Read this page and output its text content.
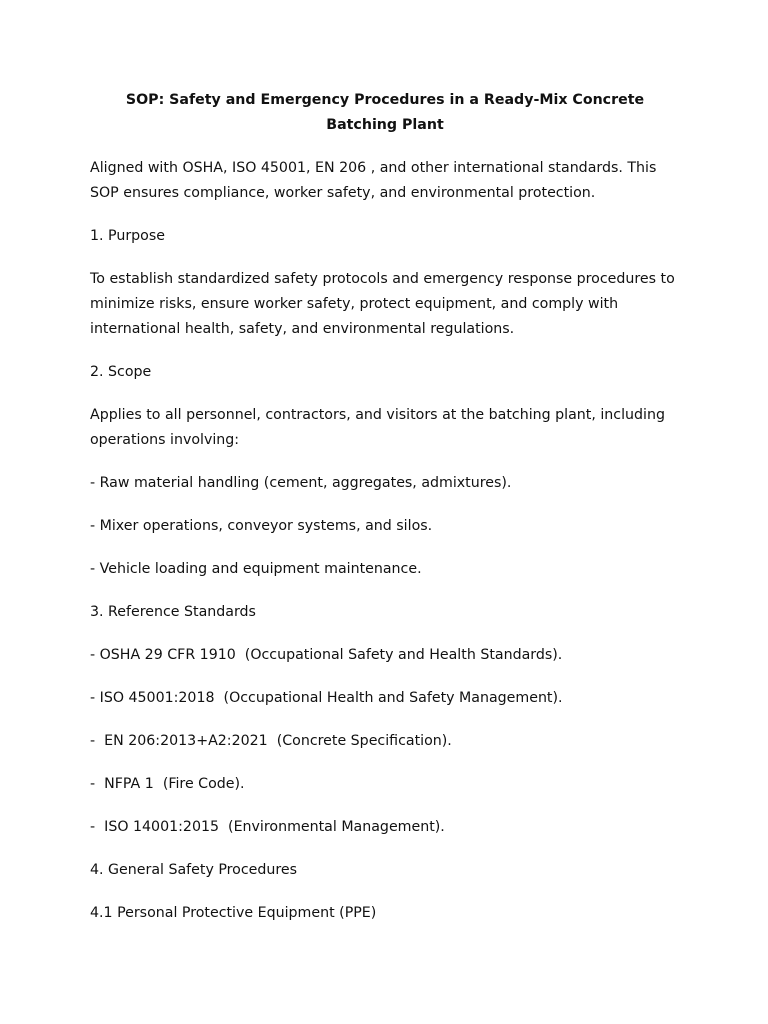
SOP: Safety and Emergency Procedures in a Ready-Mix Concrete Batching Plant
Aligned with OSHA, ISO 45001, EN 206 , and other international standards. This SOP ensures compliance, worker safety, and environmental protection.
1. Purpose
To establish standardized safety protocols and emergency response procedures to minimize risks, ensure worker safety, protect equipment, and comply with international health, safety, and environmental regulations.
2. Scope
Applies to all personnel, contractors, and visitors at the batching plant, including operations involving:
- Raw material handling (cement, aggregates, admixtures).
- Mixer operations, conveyor systems, and silos.
- Vehicle loading and equipment maintenance.
3. Reference Standards
- OSHA 29 CFR 1910  (Occupational Safety and Health Standards).
- ISO 45001:2018  (Occupational Health and Safety Management).
-  EN 206:2013+A2:2021  (Concrete Specification).
-  NFPA 1  (Fire Code).
-  ISO 14001:2015  (Environmental Management).
4. General Safety Procedures
4.1 Personal Protective Equipment (PPE)
